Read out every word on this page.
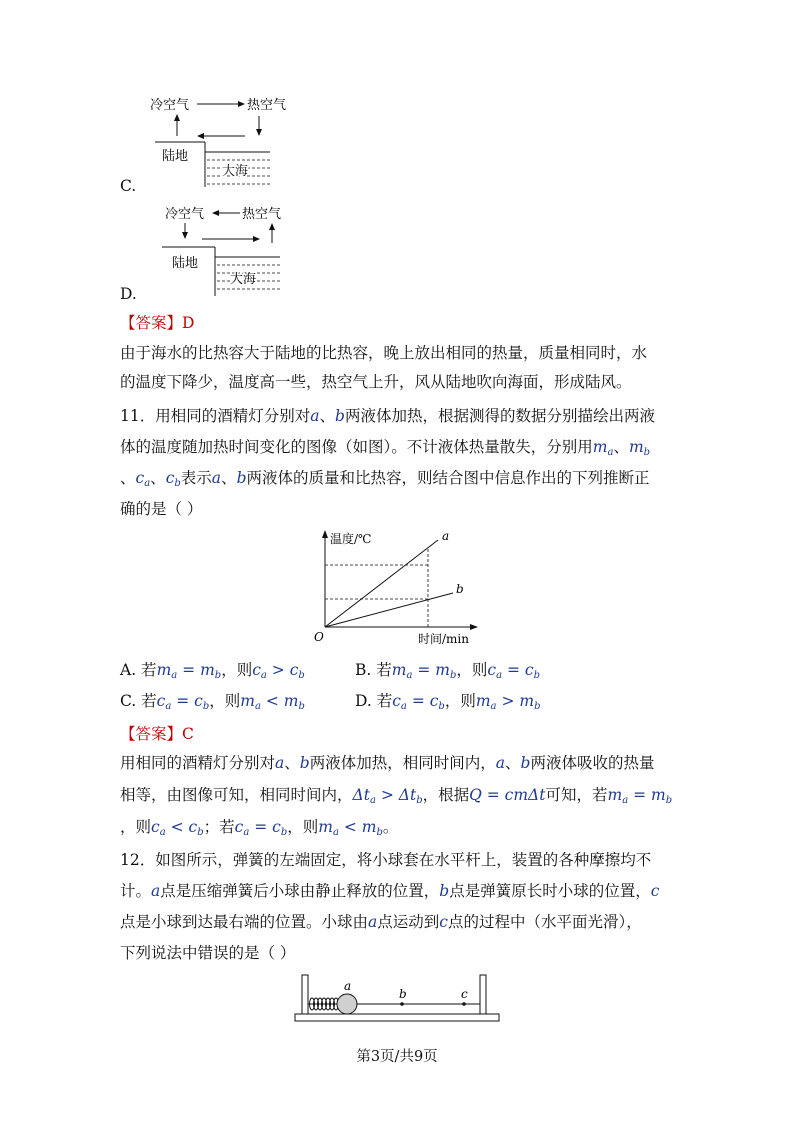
C.
冷空气	热空气
陆地
大海
D.
冷空气	热空气
陆地
大海
【答案】D
由于海水的比热容大于陆地的比热容，晚上放出相同的热量，质量相同时，水
的温度下降少，温度高一些，热空气上升，风从陆地吹向海面，形成陆风。
11．用相同的酒精灯分别对a、b两液体加热，根据测得的数据分别描绘出两液
体的温度随加热时间变化的图像（如图）。不计液体热量散失，分别用$m_a$、$m_b$
、$c_a$、$c_b$表示a、b两液体的质量和比热容，则结合图中信息作出的下列推断正
确的是（ ）
温度/℃
时间/min
O
a
b
A. 若$m_a = m_b$，则$c_a > c_b$	B. 若$m_a = m_b$，则$c_a = c_b$
C. 若$c_a = c_b$，则$m_a < m_b$	D. 若$c_a = c_b$，则$m_a > m_b$
【答案】C
用相同的酒精灯分别对a、b两液体加热，相同时间内，a、b两液体吸收的热量
相等，由图像可知，相同时间内，$\Delta t_a > \Delta t_b$，根据Q = cmΔt可知，若$m_a = m_b$
，则$c_a < c_b$；若$c_a = c_b$，则$m_a < m_b$。
12．如图所示，弹簧的左端固定，将小球套在水平杆上，装置的各种摩擦均不
计。a点是压缩弹簧后小球由静止释放的位置，b点是弹簧原长时小球的位置，c
点是小球到达最右端的位置。小球由a点运动到c点的过程中（水平面光滑），
下列说法中错误的是（ ）
a
b	c
第3页/共9页
